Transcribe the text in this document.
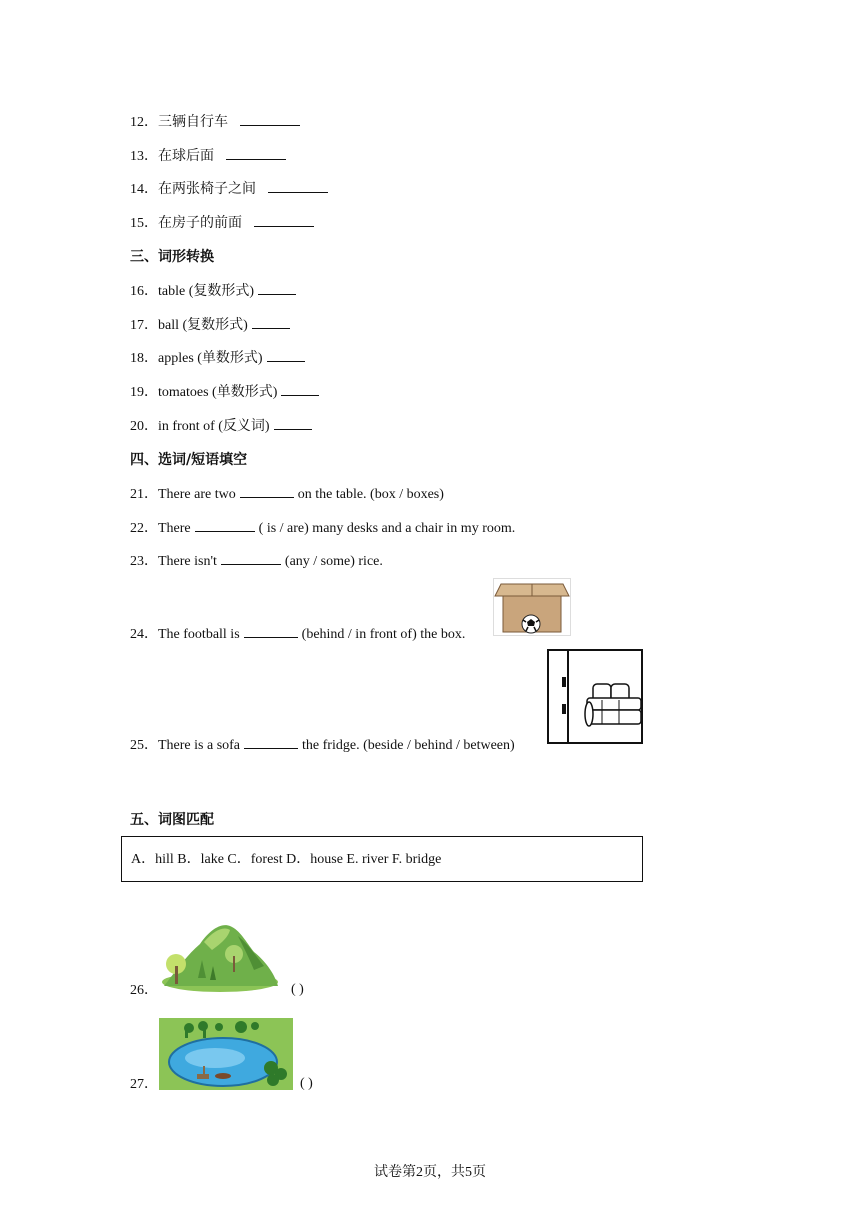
12．三辆自行车
13．在球后面
14．在两张椅子之间
15．在房子的前面
三、词形转换
16．table (复数形式)
17．ball (复数形式)
18．apples (单数形式)
19．tomatoes (单数形式)
20．in front of (反义词)
四、选词/短语填空
21．There are two	on the table. (box / boxes)
22．There	( is / are) many desks and a chair in my room.
23．There isn't	(any / some) rice.
24．The football is	(behind / in front of) the box.
25．There is a sofa	the fridge. (beside / behind / between)
五、词图匹配
A．hill B．lake C．forest D．house E. river F. bridge
26．	( )
27．	( )
试卷第2页，共5页
